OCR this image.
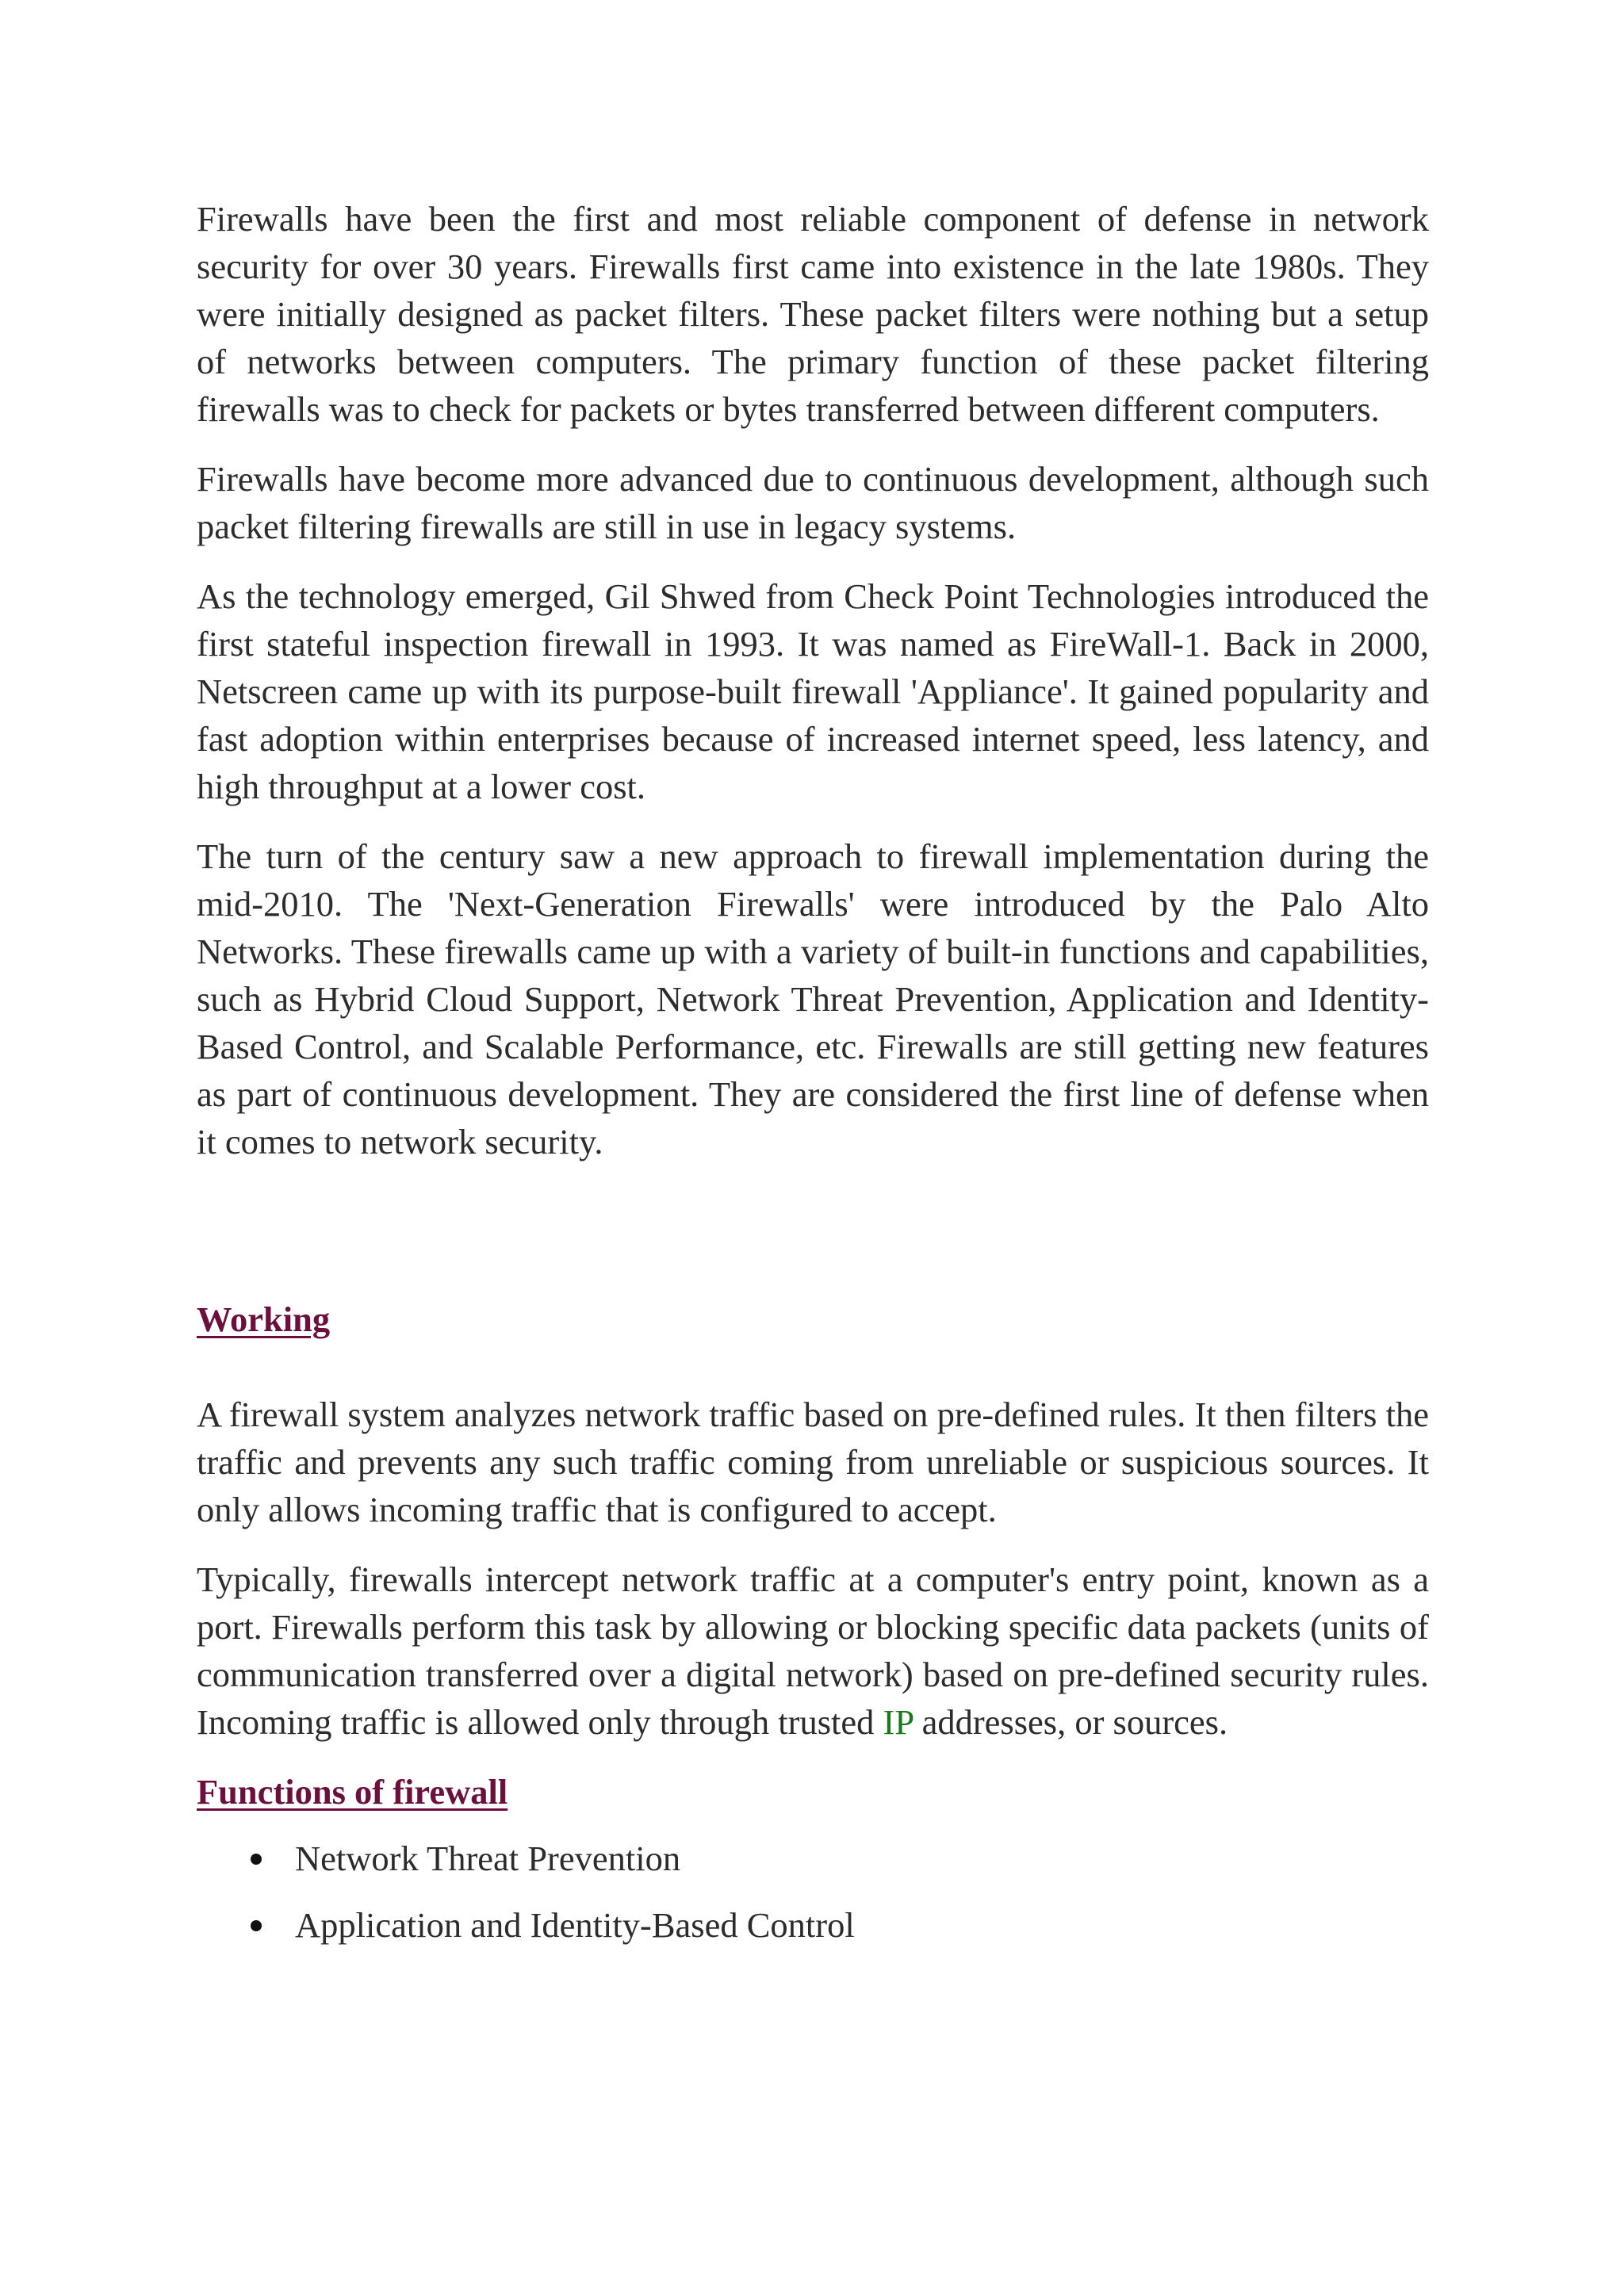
Firewalls have been the first and most reliable component of defense in network security for over 30 years. Firewalls first came into existence in the late 1980s. They were initially designed as packet filters. These packet filters were nothing but a setup of networks between computers. The primary function of these packet filtering firewalls was to check for packets or bytes transferred between different computers.

Firewalls have become more advanced due to continuous development, although such packet filtering firewalls are still in use in legacy systems.

As the technology emerged, Gil Shwed from Check Point Technologies introduced the first stateful inspection firewall in 1993. It was named as FireWall-1. Back in 2000, Netscreen came up with its purpose-built firewall 'Appliance'. It gained popularity and fast adoption within enterprises because of increased internet speed, less latency, and high throughput at a lower cost.

The turn of the century saw a new approach to firewall implementation during the mid-2010. The 'Next-Generation Firewalls' were introduced by the Palo Alto Networks. These firewalls came up with a variety of built-in functions and capabilities, such as Hybrid Cloud Support, Network Threat Prevention, Application and Identity-Based Control, and Scalable Performance, etc. Firewalls are still getting new features as part of continuous development. They are considered the first line of defense when it comes to network security.

Working

A firewall system analyzes network traffic based on pre-defined rules. It then filters the traffic and prevents any such traffic coming from unreliable or suspicious sources. It only allows incoming traffic that is configured to accept.

Typically, firewalls intercept network traffic at a computer's entry point, known as a port. Firewalls perform this task by allowing or blocking specific data packets (units of communication transferred over a digital network) based on pre-defined security rules. Incoming traffic is allowed only through trusted IP addresses, or sources.

Functions of firewall
Network Threat Prevention
Application and Identity-Based Control
